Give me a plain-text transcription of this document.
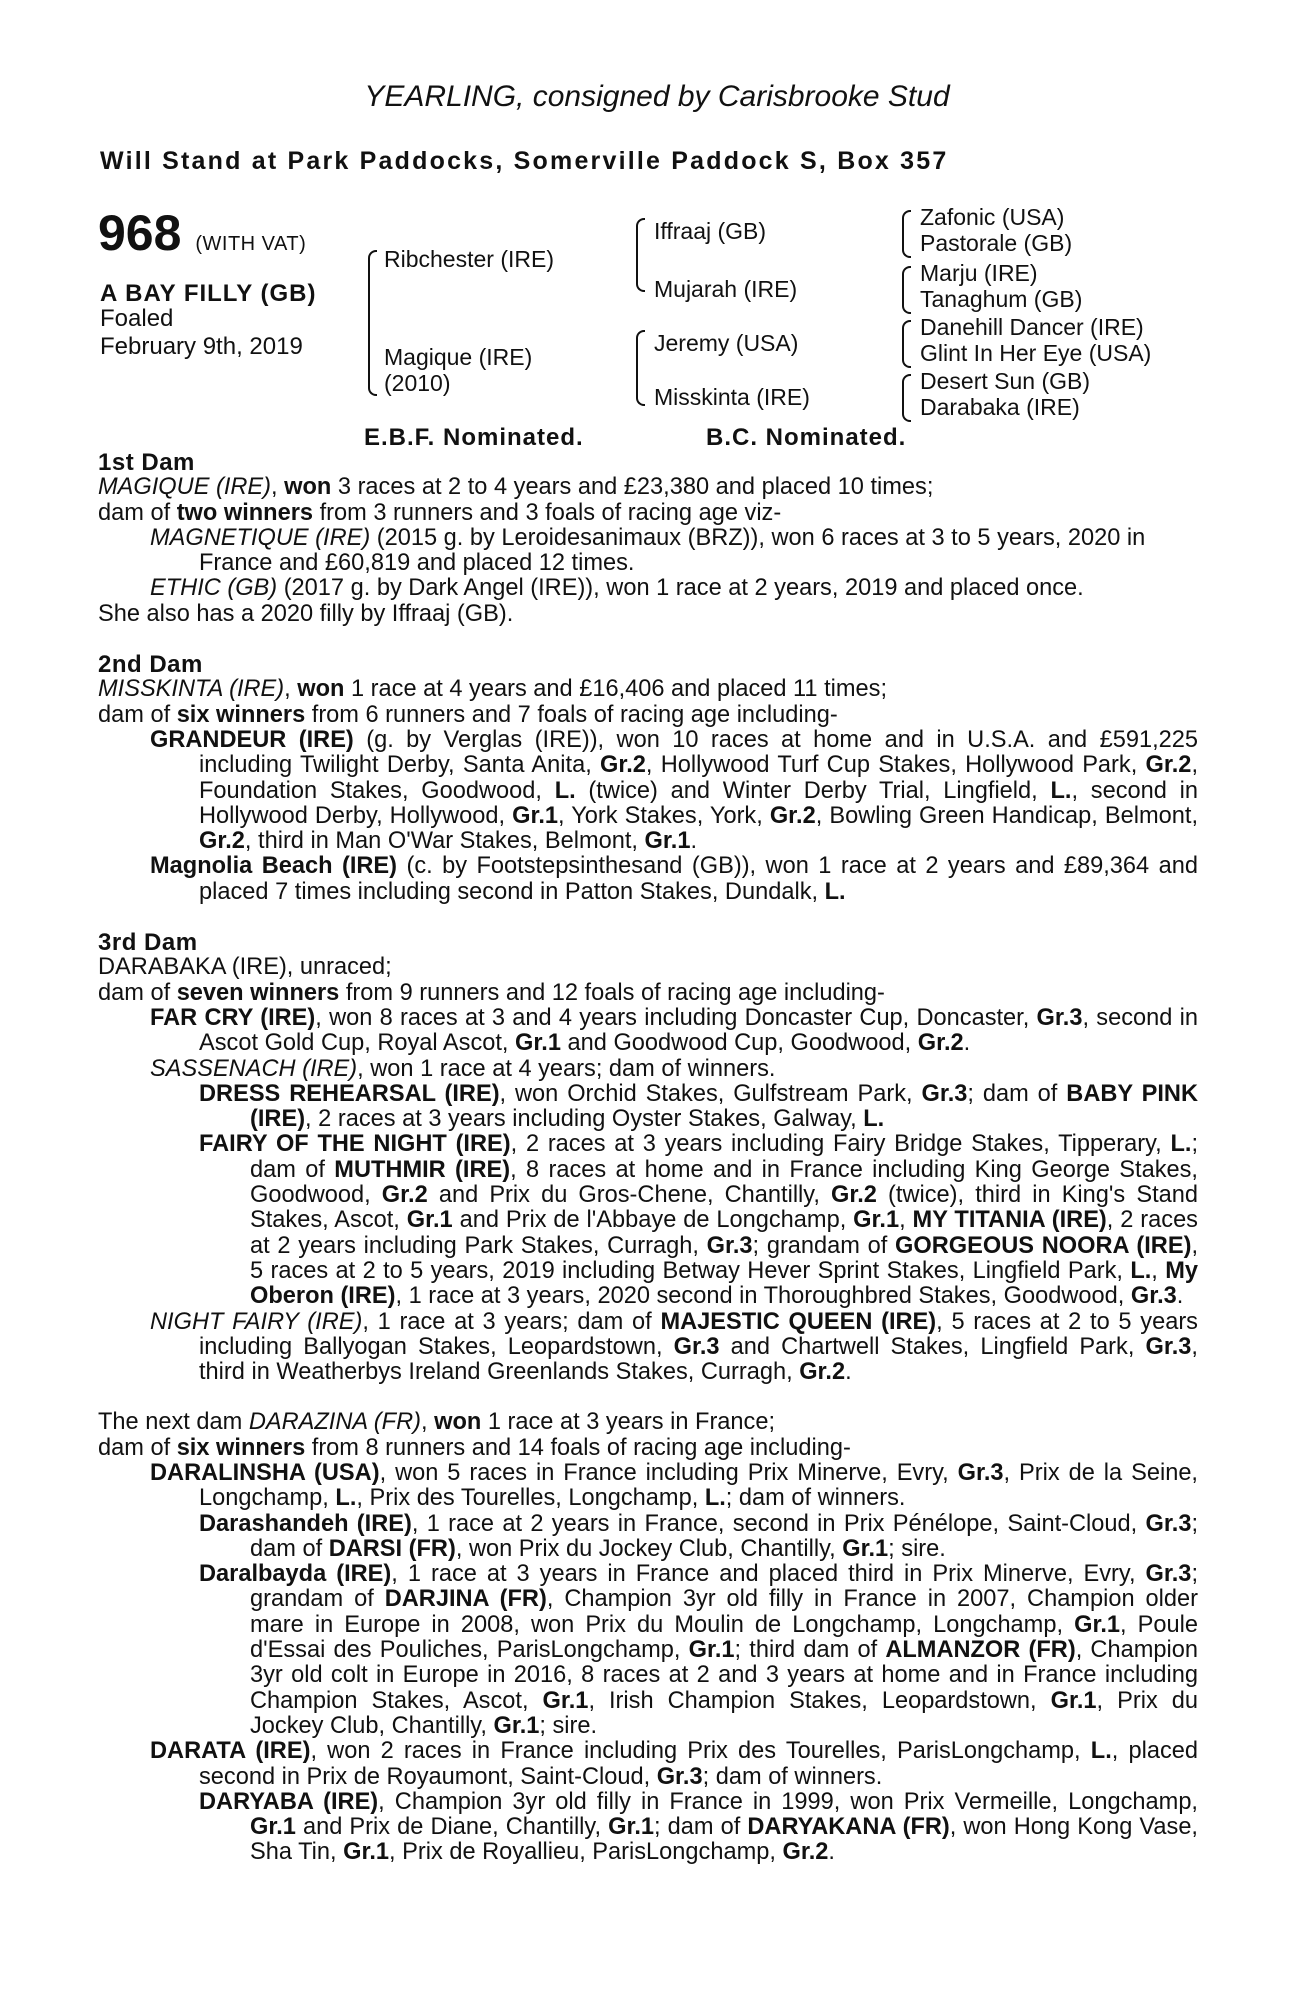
YEARLING, consigned by Carisbrooke Stud
Will Stand at Park Paddocks, Somerville Paddock S, Box 357
968 (WITH VAT)
A BAY FILLY (GB)
Foaled
February 9th, 2019
Ribchester (IRE)
Magique (IRE)
(2010)
Iffraaj (GB)
Mujarah (IRE)
Jeremy (USA)
Misskinta (IRE)
Zafonic (USA)
Pastorale (GB)
Marju (IRE)
Tanaghum (GB)
Danehill Dancer (IRE)
Glint In Her Eye (USA)
Desert Sun (GB)
Darabaka (IRE)
E.B.F. Nominated.	B.C. Nominated.

1st Dam

MAGIQUE (IRE), won 3 races at 2 to 4 years and £23,380 and placed 10 times;

dam of two winners from 3 runners and 3 foals of racing age viz-

MAGNETIQUE (IRE) (2015 g. by Leroidesanimaux (BRZ)), won 6 races at 3 to 5 years, 2020 in France and £60,819 and placed 12 times.

ETHIC (GB) (2017 g. by Dark Angel (IRE)), won 1 race at 2 years, 2019 and placed once.

She also has a 2020 filly by Iffraaj (GB).

2nd Dam

MISSKINTA (IRE), won 1 race at 4 years and £16,406 and placed 11 times;

dam of six winners from 6 runners and 7 foals of racing age including-

GRANDEUR (IRE) (g. by Verglas (IRE)), won 10 races at home and in U.S.A. and £591,225 including Twilight Derby, Santa Anita, Gr.2, Hollywood Turf Cup Stakes, Hollywood Park, Gr.2, Foundation Stakes, Goodwood, L. (twice) and Winter Derby Trial, Lingfield, L., second in Hollywood Derby, Hollywood, Gr.1, York Stakes, York, Gr.2, Bowling Green Handicap, Belmont, Gr.2, third in Man O'War Stakes, Belmont, Gr.1.

Magnolia Beach (IRE) (c. by Footstepsinthesand (GB)), won 1 race at 2 years and £89,364 and placed 7 times including second in Patton Stakes, Dundalk, L.

3rd Dam

DARABAKA (IRE), unraced;

dam of seven winners from 9 runners and 12 foals of racing age including-

FAR CRY (IRE), won 8 races at 3 and 4 years including Doncaster Cup, Doncaster, Gr.3, second in Ascot Gold Cup, Royal Ascot, Gr.1 and Goodwood Cup, Goodwood, Gr.2.

SASSENACH (IRE), won 1 race at 4 years; dam of winners.

DRESS REHEARSAL (IRE), won Orchid Stakes, Gulfstream Park, Gr.3; dam of BABY PINK (IRE), 2 races at 3 years including Oyster Stakes, Galway, L.

FAIRY OF THE NIGHT (IRE), 2 races at 3 years including Fairy Bridge Stakes, Tipperary, L.; dam of MUTHMIR (IRE), 8 races at home and in France including King George Stakes, Goodwood, Gr.2 and Prix du Gros-Chene, Chantilly, Gr.2 (twice), third in King's Stand Stakes, Ascot, Gr.1 and Prix de l'Abbaye de Longchamp, Gr.1, MY TITANIA (IRE), 2 races at 2 years including Park Stakes, Curragh, Gr.3; grandam of GORGEOUS NOORA (IRE), 5 races at 2 to 5 years, 2019 including Betway Hever Sprint Stakes, Lingfield Park, L., My Oberon (IRE), 1 race at 3 years, 2020 second in Thoroughbred Stakes, Goodwood, Gr.3.

NIGHT FAIRY (IRE), 1 race at 3 years; dam of MAJESTIC QUEEN (IRE), 5 races at 2 to 5 years including Ballyogan Stakes, Leopardstown, Gr.3 and Chartwell Stakes, Lingfield Park, Gr.3, third in Weatherbys Ireland Greenlands Stakes, Curragh, Gr.2.

The next dam DARAZINA (FR), won 1 race at 3 years in France;

dam of six winners from 8 runners and 14 foals of racing age including-

DARALINSHA (USA), won 5 races in France including Prix Minerve, Evry, Gr.3, Prix de la Seine, Longchamp, L., Prix des Tourelles, Longchamp, L.; dam of winners.

Darashandeh (IRE), 1 race at 2 years in France, second in Prix Pénélope, Saint-Cloud, Gr.3; dam of DARSI (FR), won Prix du Jockey Club, Chantilly, Gr.1; sire.

Daralbayda (IRE), 1 race at 3 years in France and placed third in Prix Minerve, Evry, Gr.3; grandam of DARJINA (FR), Champion 3yr old filly in France in 2007, Champion older mare in Europe in 2008, won Prix du Moulin de Longchamp, Longchamp, Gr.1, Poule d'Essai des Pouliches, ParisLongchamp, Gr.1; third dam of ALMANZOR (FR), Champion 3yr old colt in Europe in 2016, 8 races at 2 and 3 years at home and in France including Champion Stakes, Ascot, Gr.1, Irish Champion Stakes, Leopardstown, Gr.1, Prix du Jockey Club, Chantilly, Gr.1; sire.

DARATA (IRE), won 2 races in France including Prix des Tourelles, ParisLongchamp, L., placed second in Prix de Royaumont, Saint-Cloud, Gr.3; dam of winners.

DARYABA (IRE), Champion 3yr old filly in France in 1999, won Prix Vermeille, Longchamp, Gr.1 and Prix de Diane, Chantilly, Gr.1; dam of DARYAKANA (FR), won Hong Kong Vase, Sha Tin, Gr.1, Prix de Royallieu, ParisLongchamp, Gr.2.
